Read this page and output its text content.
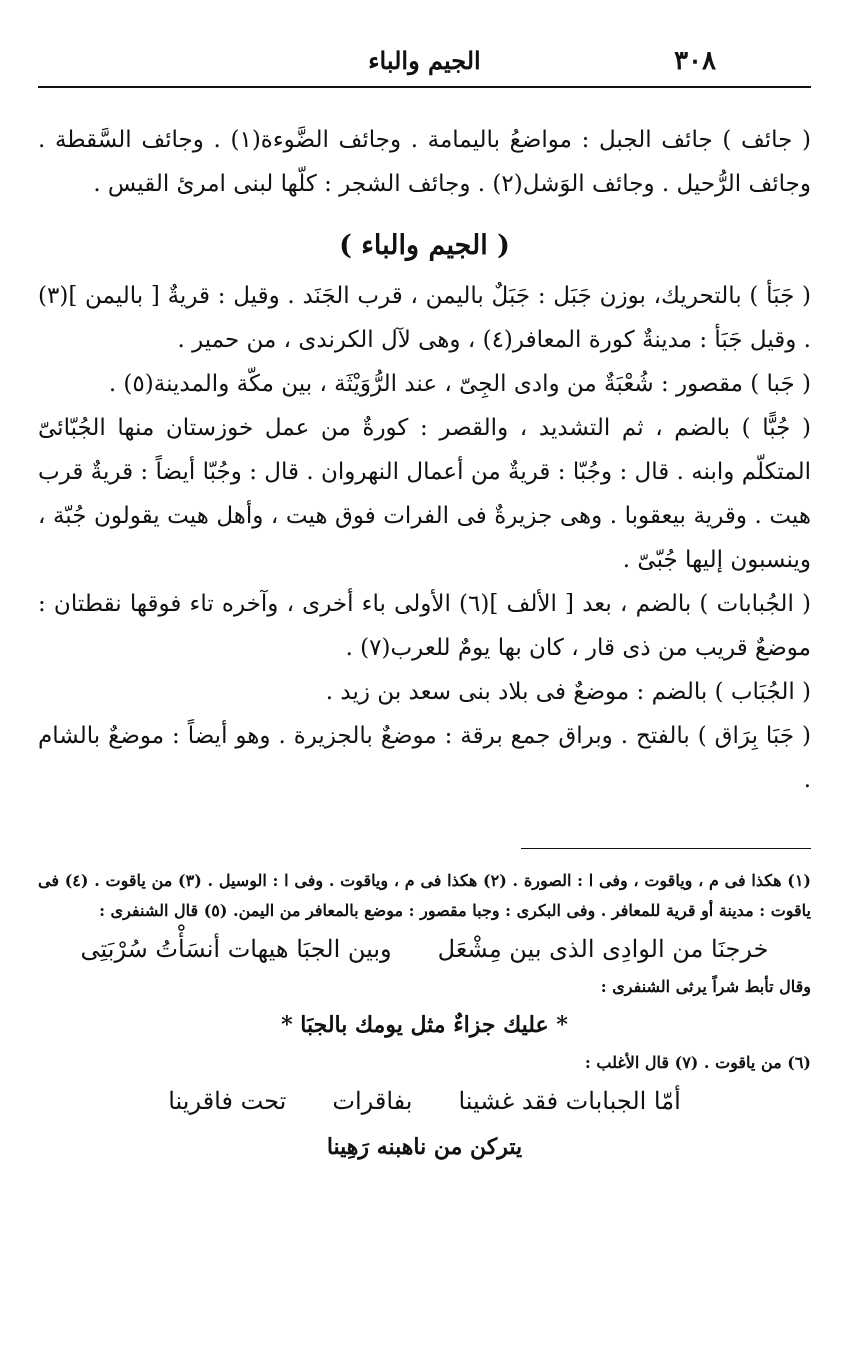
٣٠٨
الجيم والباء

( جائف ) جائف الجبل : مواضعُ باليمامة . وجائف الضَّوءة(١) . وجائف السَّقطة . وجائف الرُّحيل . وجائف الوَشل(٢) . وجائف الشجر : كلّها لبنى امرئ القيس .

( الجيم والباء )

( جَبَأ ) بالتحريك، بوزن جَبَل : جَبَلٌ باليمن ، قرب الجَنَد . وقيل : قريةٌ [ باليمن ](٣) . وقيل جَبَأ : مدينةٌ كورة المعافر(٤) ، وهى لآل الكرندى ، من حمير .

( جَبا ) مقصور : شُعْبَةٌ من وادى الجِىّ ، عند الرُّوَيْثَة ، بين مكّة والمدينة(٥) .

( جُبًّا ) بالضم ، ثم التشديد ، والقصر : كورةٌ من عمل خوزستان منها الجُبّائىّ المتكلّم وابنه . قال : وجُبّا : قريةٌ من أعمال النهروان . قال : وجُبّا أيضاً : قريةٌ قرب هيت . وقرية بيعقوبا . وهى جزيرةٌ فى الفرات فوق هيت ، وأهل هيت يقولون جُبّة ، وينسبون إليها جُبّىّ .

( الجُبابات ) بالضم ، بعد [ الألف ](٦) الأولى باء أخرى ، وآخره تاء فوقها نقطتان : موضعٌ قريب من ذى قار ، كان بها يومٌ للعرب(٧) .

( الجُبَاب ) بالضم : موضعٌ فى بلاد بنى سعد بن زيد .

( جَبَا بِرَاق ) بالفتح . وبراق جمع برقة : موضعٌ بالجزيرة . وهو أيضاً : موضعٌ بالشام .

(١) هكذا فى م ، وياقوت ، وفى ا : الصورة . (٢) هكذا فى م ، وياقوت . وفى ا : الوسيل . (٣) من ياقوت . (٤) فى ياقوت : مدينة أو قرية للمعافر . وفى البكرى : وجبا مقصور : موضع بالمعافر من اليمن. (٥) قال الشنفرى :

خرجنَا من الوادِى الذى بين مِشْعَل
وبين الجبَا هيهات أنسَأْتُ سُرْبَتِى

وقال تأبط شراً يرثى الشنفرى :

* عليك جزاءٌ مثل يومك بالجبَا *

(٦) من ياقوت . (٧) قال الأغلب :

أمّا الجبابات فقد غشينا
بفاقرات
تحت فاقرينا
يتركن من ناهبنه رَهِينا
